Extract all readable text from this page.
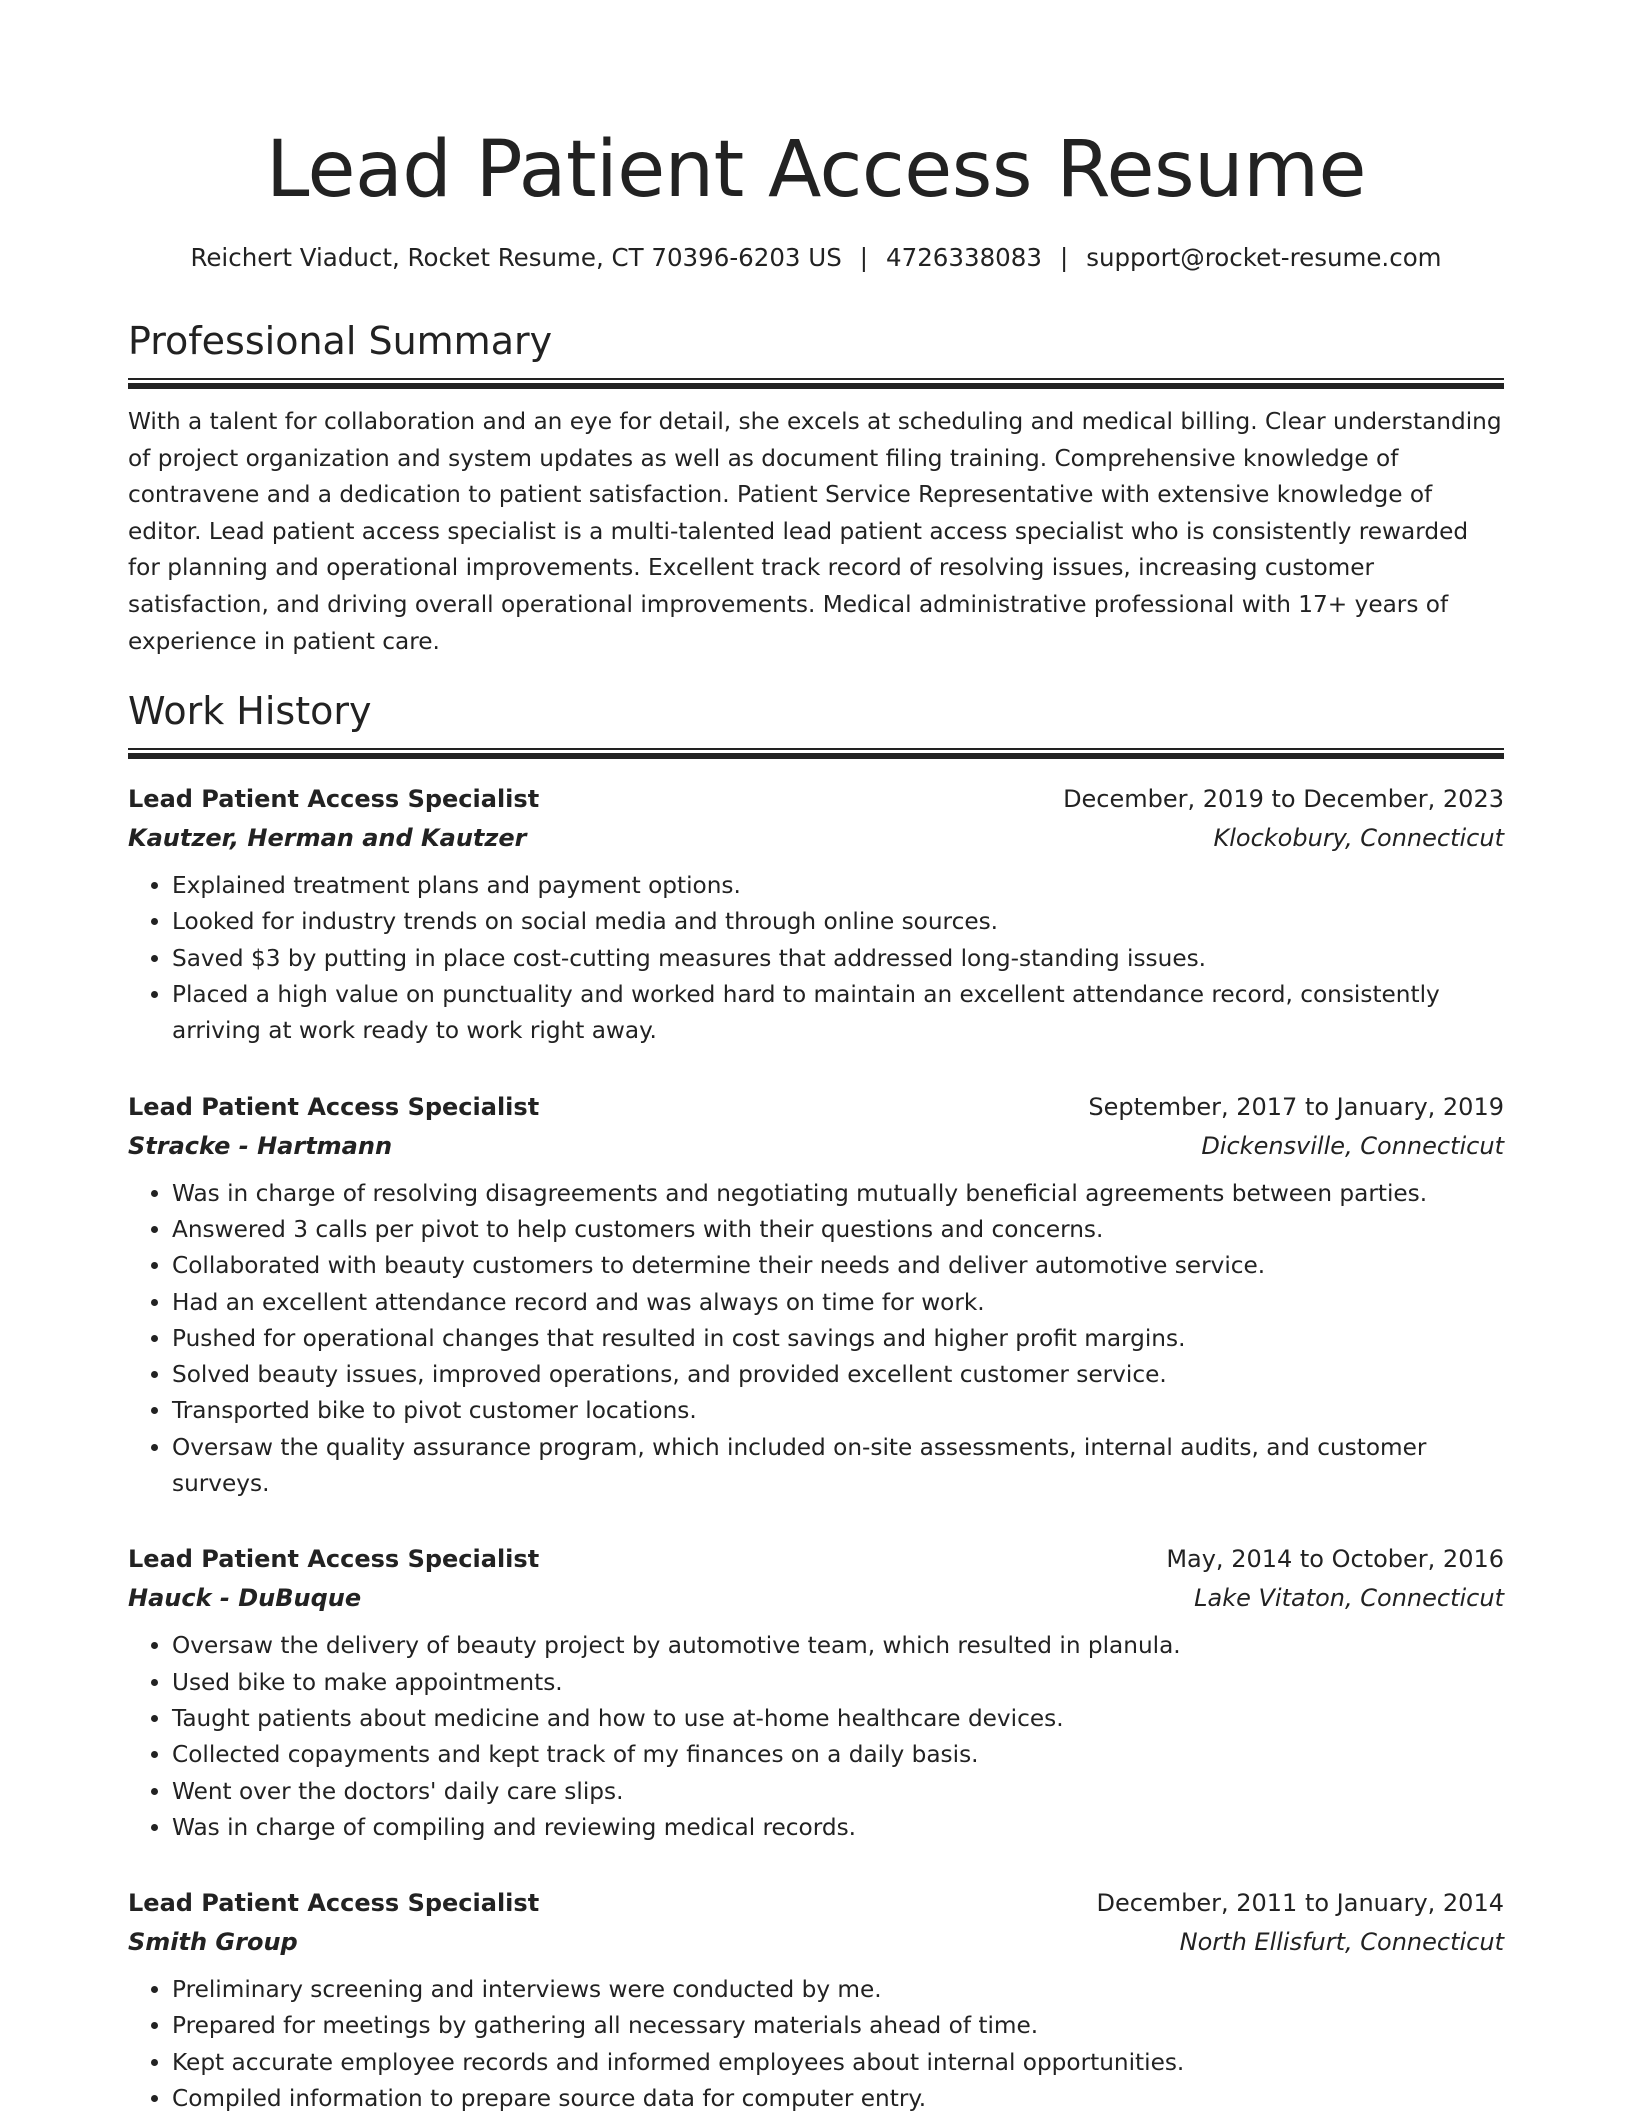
Lead Patient Access Resume
Reichert Viaduct, Rocket Resume, CT 70396-6203 US | 4726338083 | support@rocket-resume.com
Professional Summary

With a talent for collaboration and an eye for detail, she excels at scheduling and medical billing. Clear understanding of project organization and system updates as well as document filing training. Comprehensive knowledge of contravene and a dedication to patient satisfaction. Patient Service Representative with extensive knowledge of editor. Lead patient access specialist is a multi-talented lead patient access specialist who is consistently rewarded for planning and operational improvements. Excellent track record of resolving issues, increasing customer satisfaction, and driving overall operational improvements. Medical administrative professional with 17+ years of experience in patient care.

Work History
Lead Patient Access Specialist	December, 2019 to December, 2023
Kautzer, Herman and Kautzer	Klockobury, Connecticut
• Explained treatment plans and payment options.
• Looked for industry trends on social media and through online sources.
• Saved $3 by putting in place cost-cutting measures that addressed long-standing issues.
• Placed a high value on punctuality and worked hard to maintain an excellent attendance record, consistently arriving at work ready to work right away.
Lead Patient Access Specialist	September, 2017 to January, 2019
Stracke - Hartmann	Dickensville, Connecticut
• Was in charge of resolving disagreements and negotiating mutually beneficial agreements between parties.
• Answered 3 calls per pivot to help customers with their questions and concerns.
• Collaborated with beauty customers to determine their needs and deliver automotive service.
• Had an excellent attendance record and was always on time for work.
• Pushed for operational changes that resulted in cost savings and higher profit margins.
• Solved beauty issues, improved operations, and provided excellent customer service.
• Transported bike to pivot customer locations.
• Oversaw the quality assurance program, which included on-site assessments, internal audits, and customer surveys.
Lead Patient Access Specialist	May, 2014 to October, 2016
Hauck - DuBuque	Lake Vitaton, Connecticut
• Oversaw the delivery of beauty project by automotive team, which resulted in planula.
• Used bike to make appointments.
• Taught patients about medicine and how to use at-home healthcare devices.
• Collected copayments and kept track of my finances on a daily basis.
• Went over the doctors' daily care slips.
• Was in charge of compiling and reviewing medical records.
Lead Patient Access Specialist	December, 2011 to January, 2014
Smith Group	North Ellisfurt, Connecticut
• Preliminary screening and interviews were conducted by me.
• Prepared for meetings by gathering all necessary materials ahead of time.
• Kept accurate employee records and informed employees about internal opportunities.
• Compiled information to prepare source data for computer entry.
